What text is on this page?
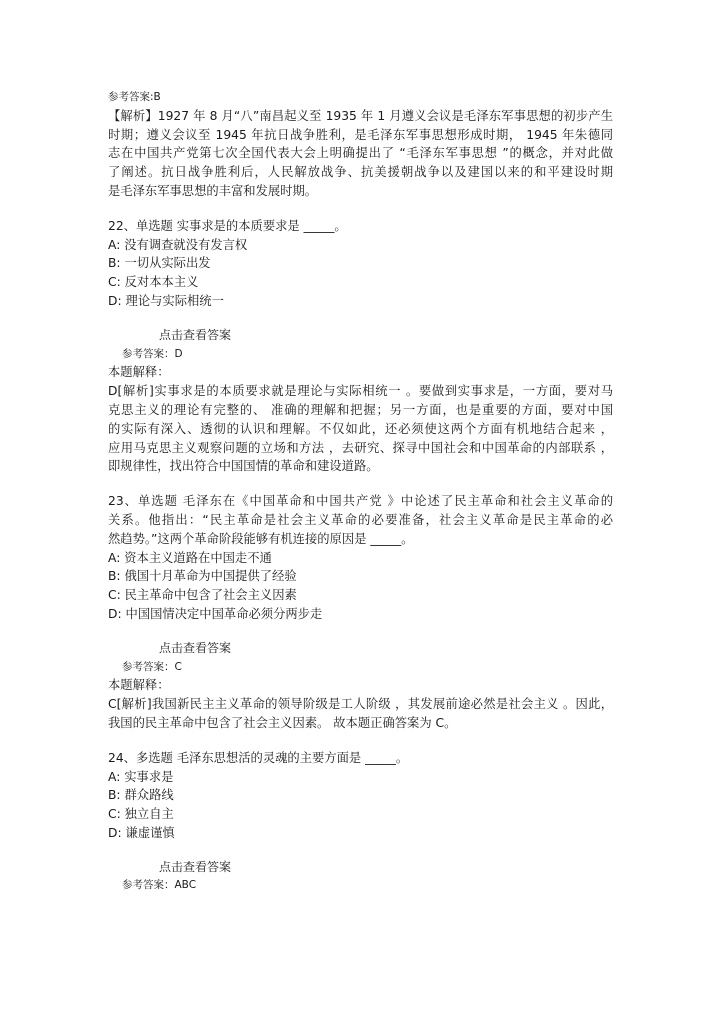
参考答案:B
【解析】1927 年 8 月“八”南昌起义至 1935 年 1 月遵义会议是毛泽东军事思想的初步产生
时期；遵义会议至 1945 年抗日战争胜利，是毛泽东军事思想形成时期， 1945 年朱德同
志在中国共产党第七次全国代表大会上明确提出了 “毛泽东军事思想 ”的概念，并对此做
了阐述。抗日战争胜利后，人民解放战争、抗美援朝战争以及建国以来的和平建设时期
是毛泽东军事思想的丰富和发展时期。
22、单选题 实事求是的本质要求是 _____。
A: 没有调查就没有发言权
B: 一切从实际出发
C: 反对本本主义
D: 理论与实际相统一
点击查看答案
参考答案：D
本题解释：
D[解析]实事求是的本质要求就是理论与实际相统一 。要做到实事求是，一方面，要对马
克思主义的理论有完整的、 准确的理解和把握；另一方面，也是重要的方面，要对中国
的实际有深入、透彻的认识和理解。不仅如此，还必须使这两个方面有机地结合起来 ，
应用马克思主义观察问题的立场和方法 ，去研究、探寻中国社会和中国革命的内部联系 ，
即规律性，找出符合中国国情的革命和建设道路。
23、单选题 毛泽东在《中国革命和中国共产党 》中论述了民主革命和社会主义革命的
关系。他指出：“民主革命是社会主义革命的必要准备，社会主义革命是民主革命的必
然趋势。”这两个革命阶段能够有机连接的原因是 _____。
A: 资本主义道路在中国走不通
B: 俄国十月革命为中国提供了经验
C: 民主革命中包含了社会主义因素
D: 中国国情决定中国革命必须分两步走
点击查看答案
参考答案：C
本题解释：
C[解析]我国新民主主义革命的领导阶级是工人阶级 ，其发展前途必然是社会主义 。因此，
我国的民主革命中包含了社会主义因素。 故本题正确答案为 C。
24、多选题 毛泽东思想活的灵魂的主要方面是 _____。
A: 实事求是
B: 群众路线
C: 独立自主
D: 谦虚谨慎
点击查看答案
参考答案：ABC
